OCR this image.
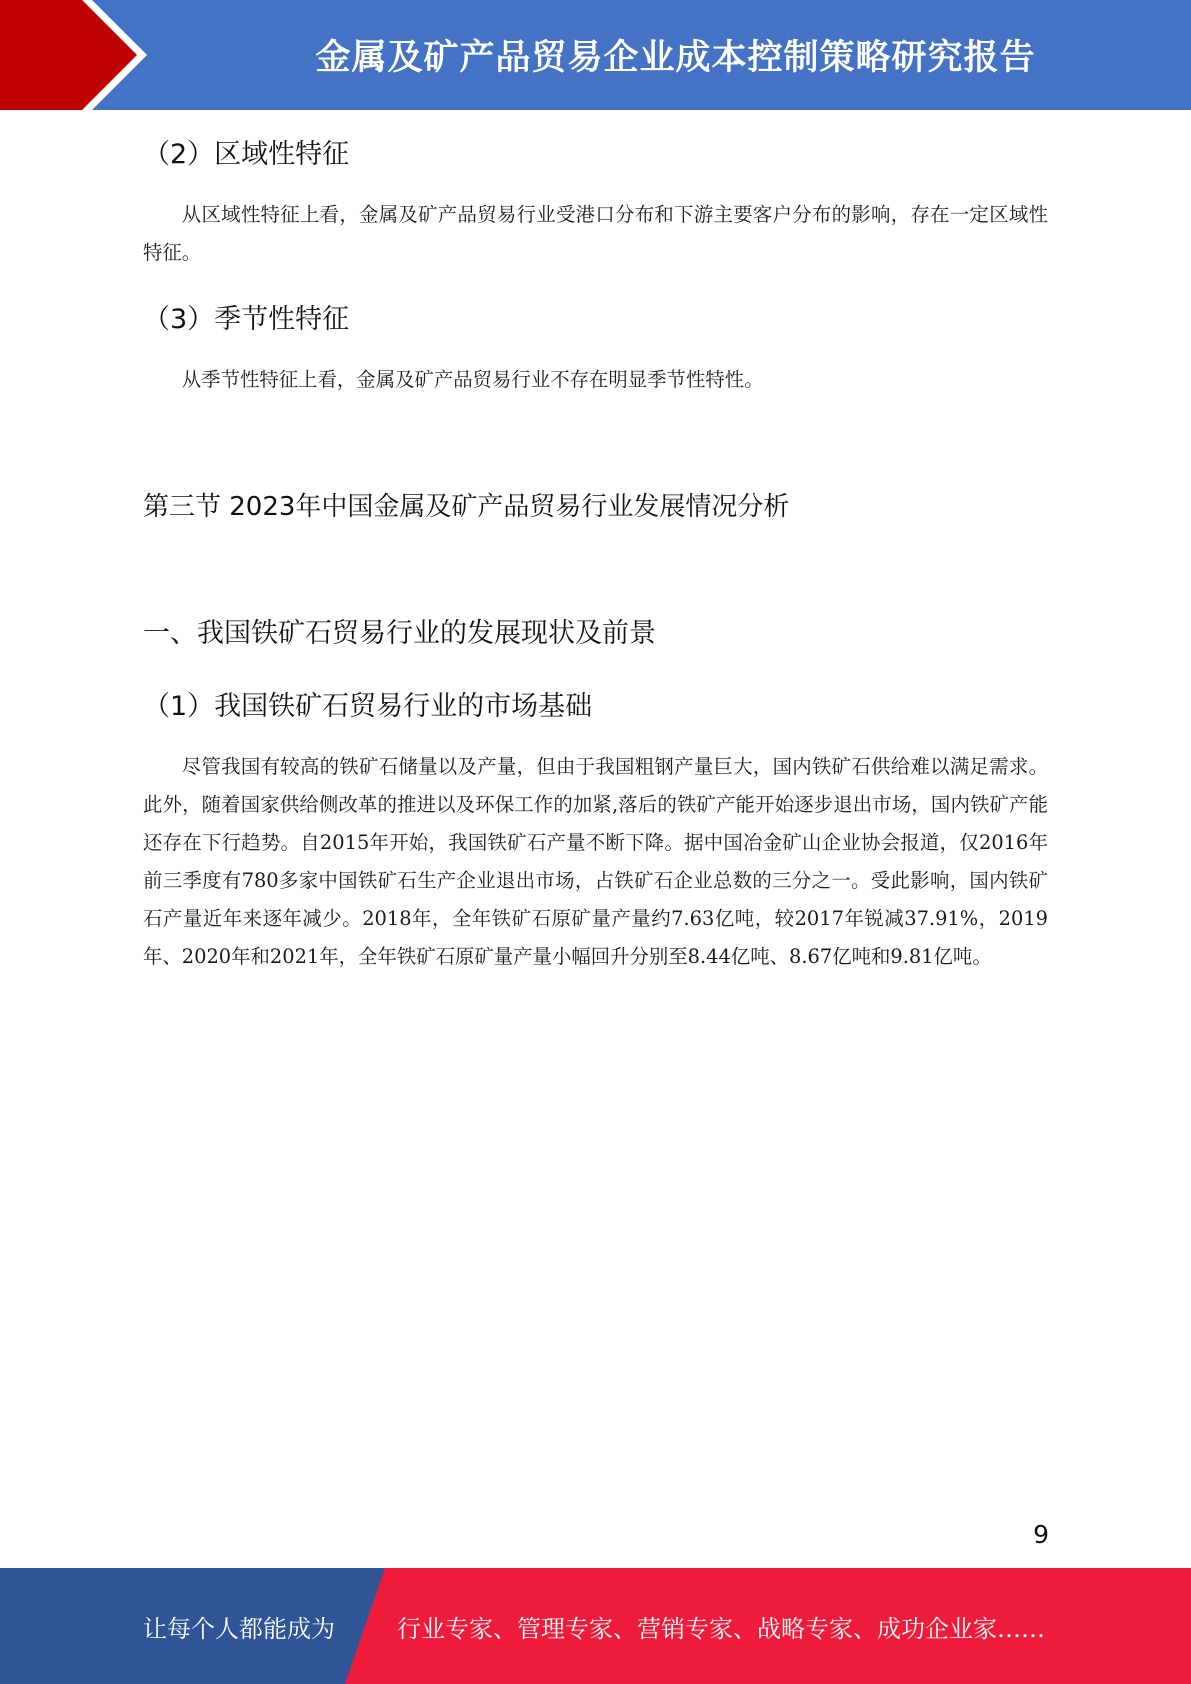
金属及矿产品贸易企业成本控制策略研究报告
（2）区域性特征
从区域性特征上看，金属及矿产品贸易行业受港口分布和下游主要客户分布的影响，存在一定区域性特征。
（3）季节性特征
从季节性特征上看，金属及矿产品贸易行业不存在明显季节性特性。
第三节 2023年中国金属及矿产品贸易行业发展情况分析
一、我国铁矿石贸易行业的发展现状及前景
（1）我国铁矿石贸易行业的市场基础
尽管我国有较高的铁矿石储量以及产量，但由于我国粗钢产量巨大，国内铁矿石供给难以满足需求。此外，随着国家供给侧改革的推进以及环保工作的加紧,落后的铁矿产能开始逐步退出市场，国内铁矿产能还存在下行趋势。自2015年开始，我国铁矿石产量不断下降。据中国冶金矿山企业协会报道，仅2016年前三季度有780多家中国铁矿石生产企业退出市场，占铁矿石企业总数的三分之一。受此影响，国内铁矿石产量近年来逐年减少。2018年，全年铁矿石原矿量产量约7.63亿吨，较2017年锐减37.91%，2019年、2020年和2021年，全年铁矿石原矿量产量小幅回升分别至8.44亿吨、8.67亿吨和9.81亿吨。
9
让每个人都能成为	行业专家、管理专家、营销专家、战略专家、成功企业家……
